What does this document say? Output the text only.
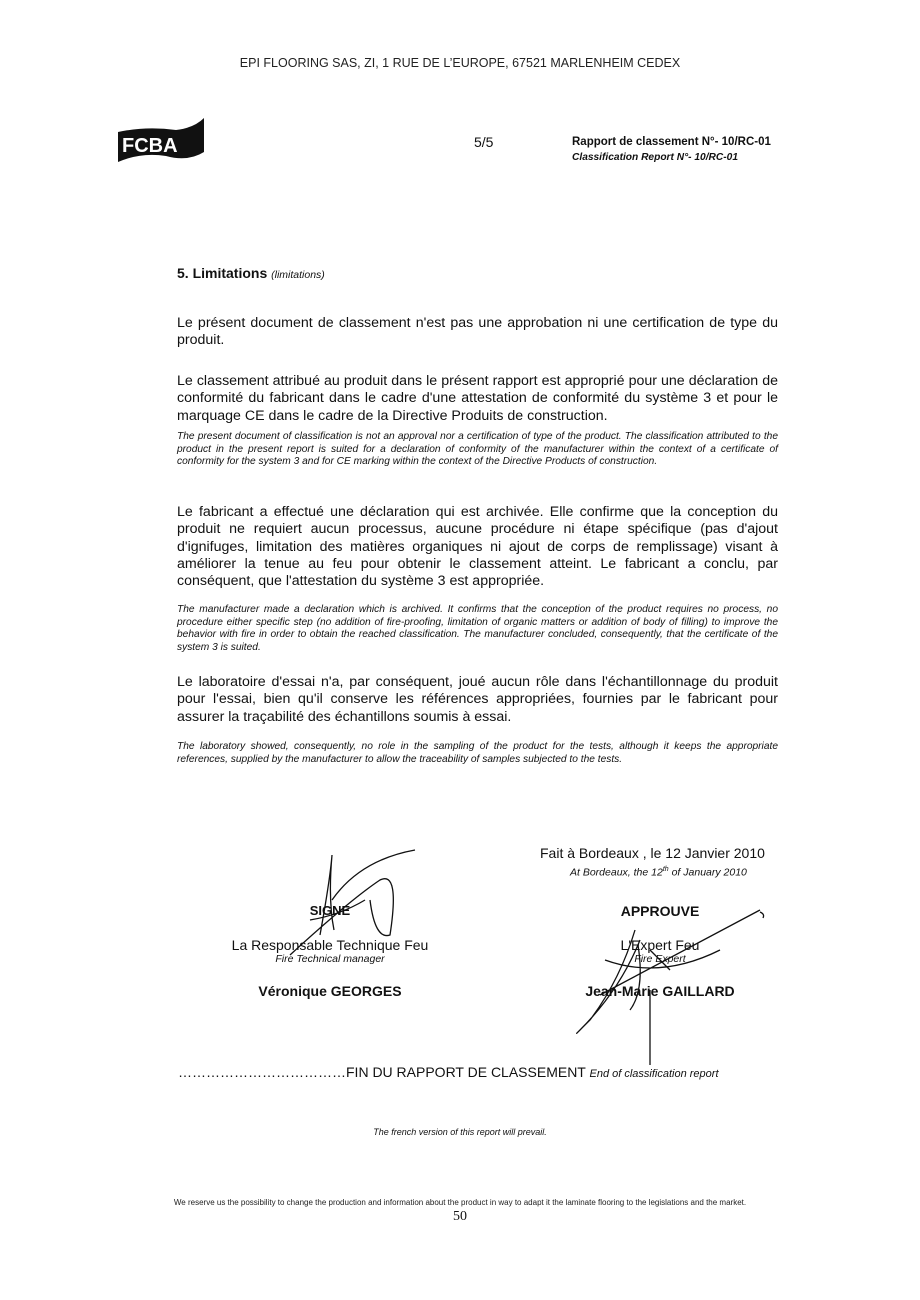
EPI FLOORING SAS, ZI, 1 RUE DE L’EUROPE, 67521 MARLENHEIM CEDEX
FCBA	5/5	Rapport de classement N°- 10/RC-01
Classification Report N°- 10/RC-01
5. Limitations (limitations)
Le présent document de classement n'est pas une approbation ni une certification de type du produit.
Le classement attribué au produit dans le présent rapport est approprié pour une déclaration de conformité du fabricant dans le cadre d'une attestation de conformité du système 3 et pour le marquage CE dans le cadre de la Directive Produits de construction.
The present document of classification is not an approval nor a certification of type of the product. The classification attributed to the product in the present report is suited for a declaration of conformity of the manufacturer within the context of a certificate of conformity for the system 3 and for CE marking within the context of the Directive Products of construction.
Le fabricant a effectué une déclaration qui est archivée. Elle confirme que la conception du produit ne requiert aucun processus, aucune procédure ni étape spécifique (pas d'ajout d'ignifuges, limitation des matières organiques ni ajout de corps de remplissage) visant à améliorer la tenue au feu pour obtenir le classement atteint. Le fabricant a conclu, par conséquent, que l'attestation du système 3 est appropriée.
The manufacturer made a declaration which is archived. It confirms that the conception of the product requires no process, no procedure either specific step (no addition of fire-proofing, limitation of organic matters or addition of body of filling) to improve the behavior with fire in order to obtain the reached classification. The manufacturer concluded, consequently, that the certificate of the system 3 is suited.
Le laboratoire d'essai n'a, par conséquent, joué aucun rôle dans l'échantillonnage du produit pour l'essai, bien qu'il conserve les références appropriées, fournies par le fabricant pour assurer la traçabilité des échantillons soumis à essai.
The laboratory showed, consequently, no role in the sampling of the product for the tests, although it keeps the appropriate references, supplied by the manufacturer to allow the traceability of samples subjected to the tests.
Fait à Bordeaux , le 12 Janvier 2010
At Bordeaux, the 12th of January 2010
SIGNE
La Responsable Technique Feu
Fire Technical manager
Véronique GEORGES
APPROUVE
L'Expert Feu
Fire Expert
Jean-Marie GAILLARD
………………………………FIN DU RAPPORT DE CLASSEMENT End of classification report
The french version of this report will prevail.
We reserve us the possibility to change the production and information about the product in way to adapt it the laminate flooring to the legislations and the market.
50
